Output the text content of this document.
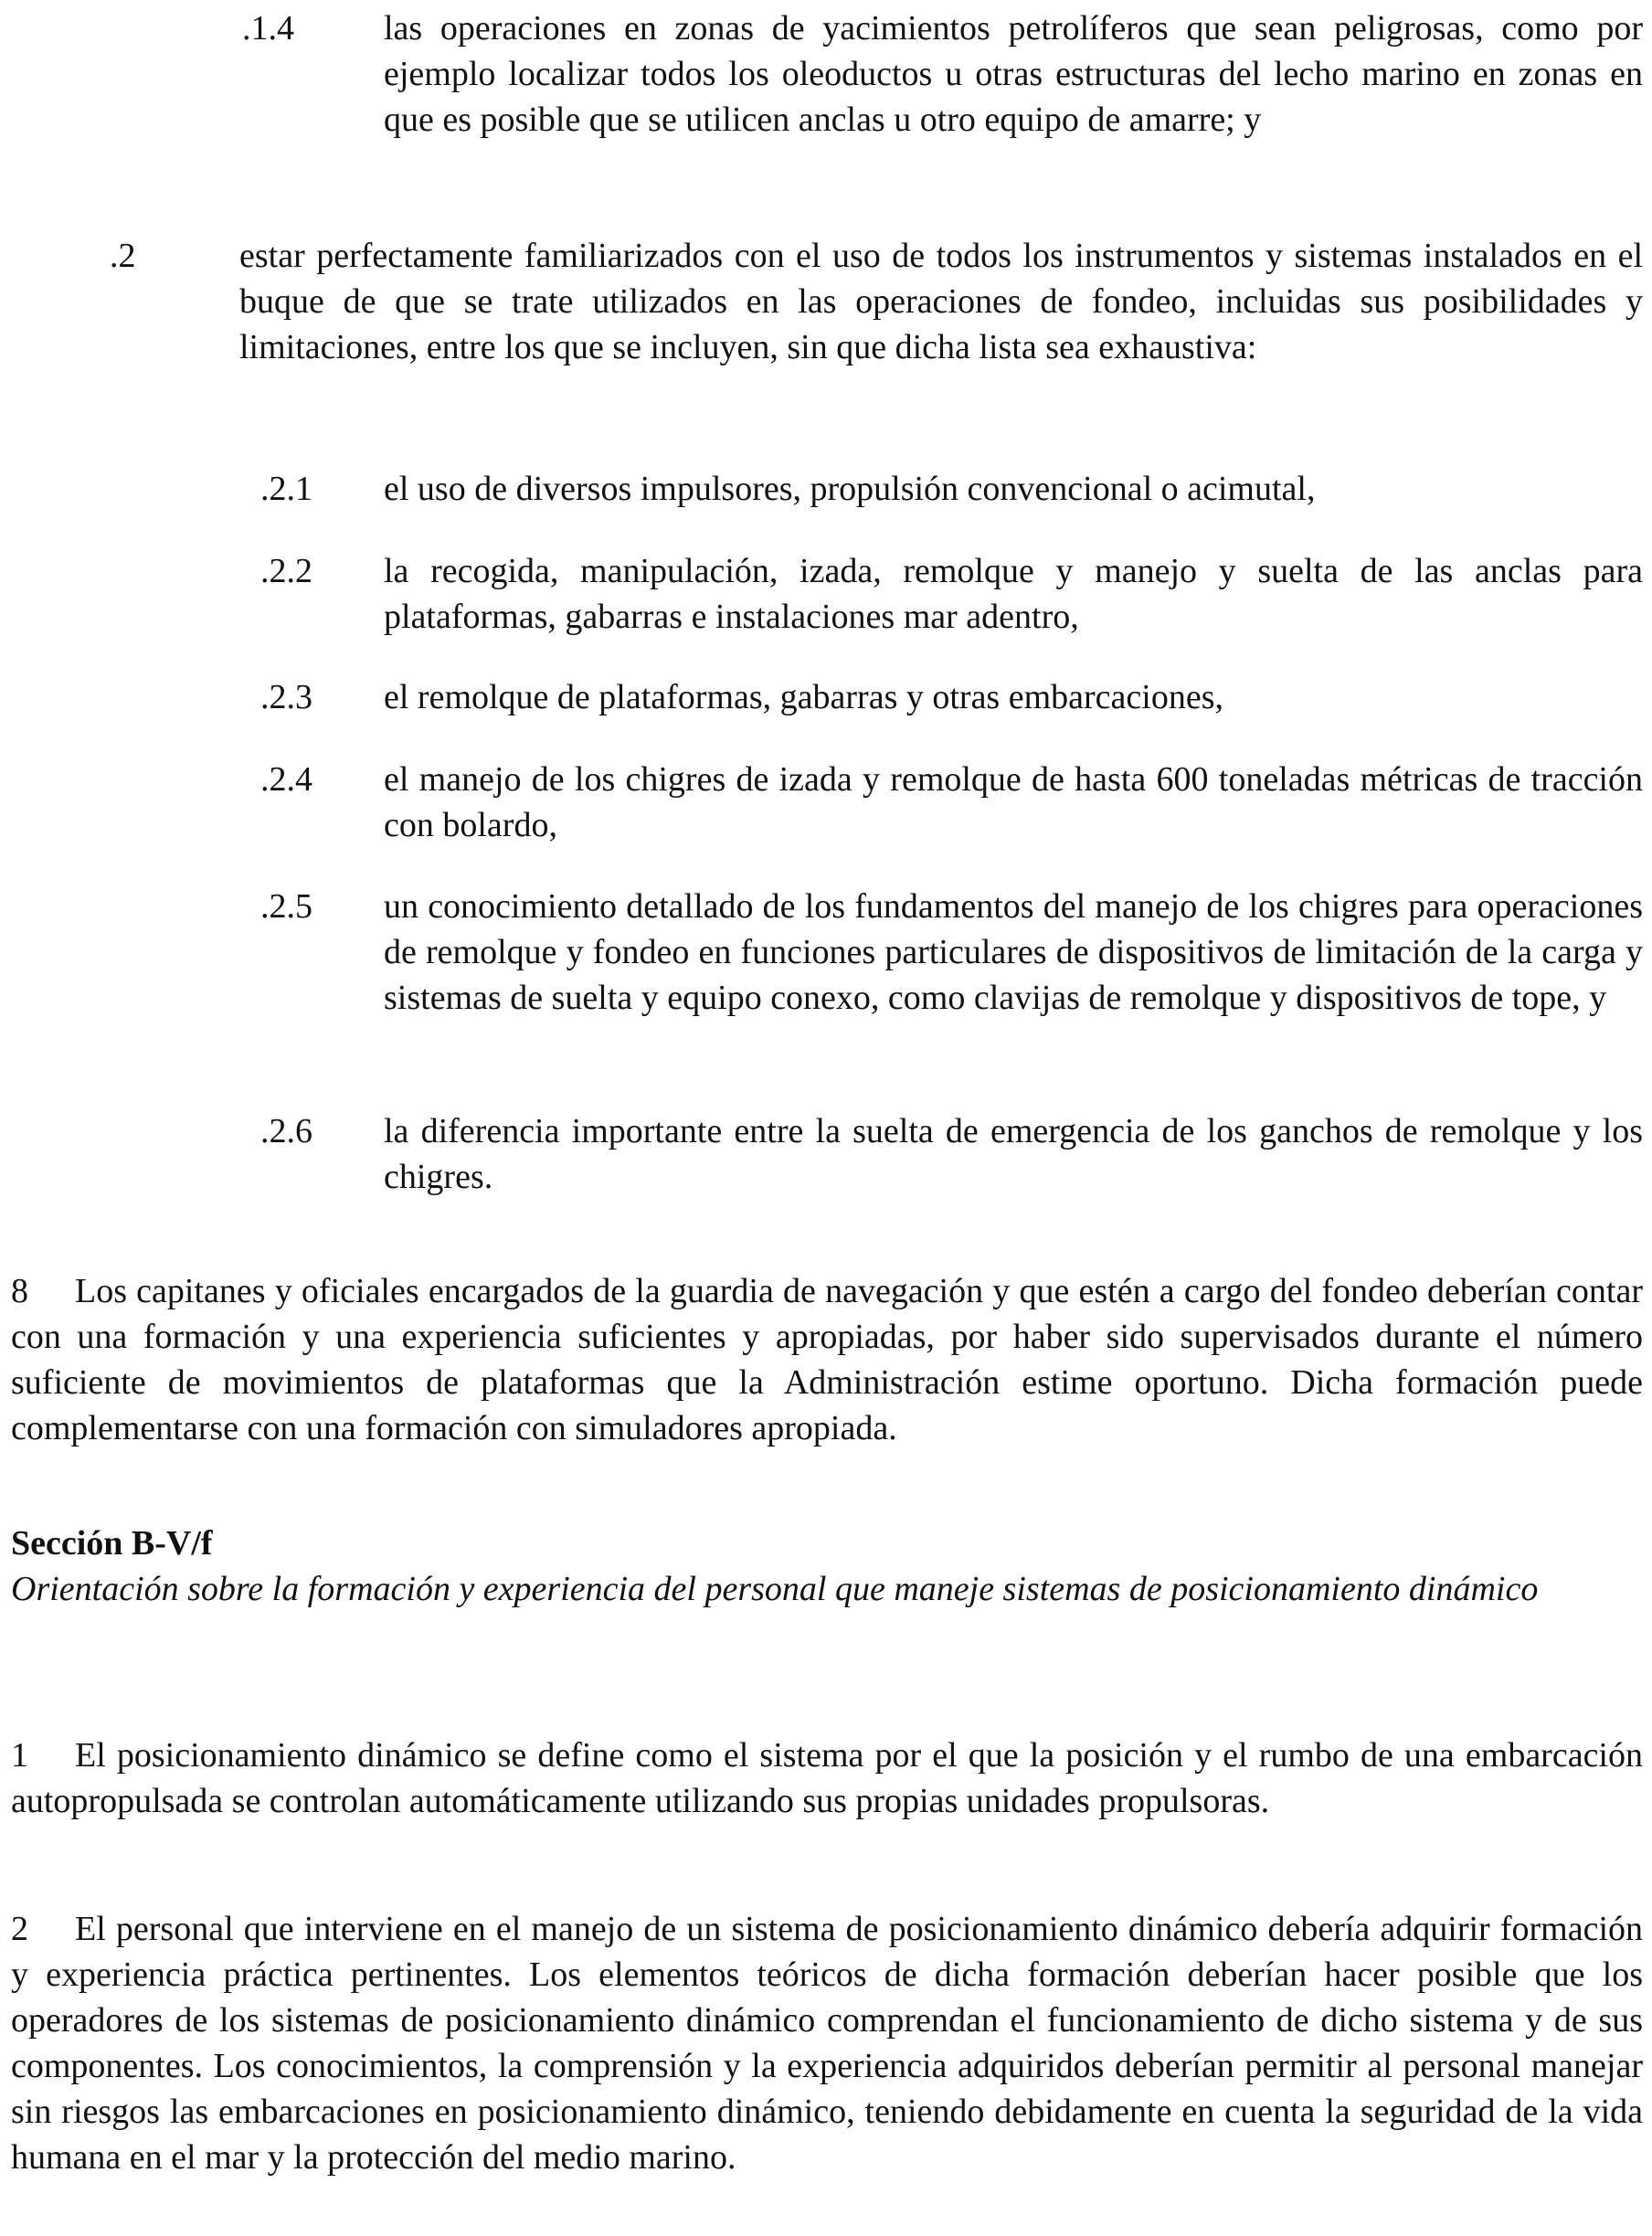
.1.4	las operaciones en zonas de yacimientos petrolíferos que sean peligrosas, como por ejemplo localizar todos los oleoductos u otras estructuras del lecho marino en zonas en que es posible que se utilicen anclas u otro equipo de amarre; y

.2	estar perfectamente familiarizados con el uso de todos los instrumentos y sistemas instalados en el buque de que se trate utilizados en las operaciones de fondeo, incluidas sus posibilidades y limitaciones, entre los que se incluyen, sin que dicha lista sea exhaustiva:

.2.1 el uso de diversos impulsores, propulsión convencional o acimutal,

.2.2 la recogida, manipulación, izada, remolque y manejo y suelta de las anclas para plataformas, gabarras e instalaciones mar adentro,

.2.3 el remolque de plataformas, gabarras y otras embarcaciones,

.2.4 el manejo de los chigres de izada y remolque de hasta 600 toneladas métricas de tracción con bolardo,

.2.5 un conocimiento detallado de los fundamentos del manejo de los chigres para operaciones de remolque y fondeo en funciones particulares de dispositivos de limitación de la carga y sistemas de suelta y equipo conexo, como clavijas de remolque y dispositivos de tope, y

.2.6 la diferencia importante entre la suelta de emergencia de los ganchos de remolque y los chigres.

8 Los capitanes y oficiales encargados de la guardia de navegación y que estén a cargo del fondeo deberían contar con una formación y una experiencia suficientes y apropiadas, por haber sido supervisados durante el número suficiente de movimientos de plataformas que la Administración estime oportuno. Dicha formación puede complementarse con una formación con simuladores apropiada.

Sección B-V/f
Orientación sobre la formación y experiencia del personal que maneje sistemas de posicionamiento dinámico

1 El posicionamiento dinámico se define como el sistema por el que la posición y el rumbo de una embarcación autopropulsada se controlan automáticamente utilizando sus propias unidades propulsoras.

2 El personal que interviene en el manejo de un sistema de posicionamiento dinámico debería adquirir formación y experiencia práctica pertinentes. Los elementos teóricos de dicha formación deberían hacer posible que los operadores de los sistemas de posicionamiento dinámico comprendan el funcionamiento de dicho sistema y de sus componentes. Los conocimientos, la comprensión y la experiencia adquiridos deberían permitir al personal manejar sin riesgos las embarcaciones en posicionamiento dinámico, teniendo debidamente en cuenta la seguridad de la vida humana en el mar y la protección del medio marino.
